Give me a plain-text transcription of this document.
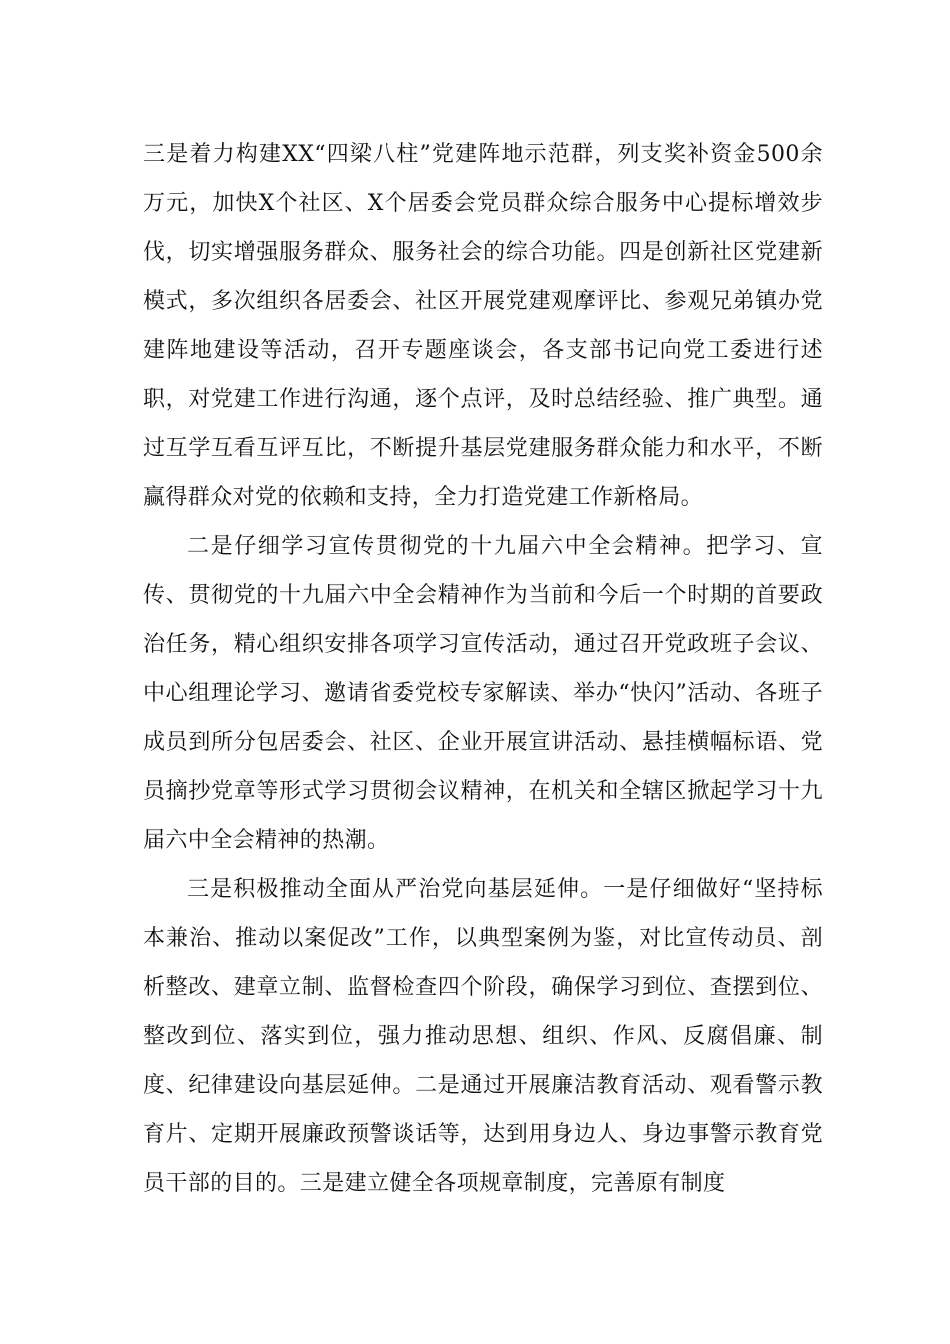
三是着力构建XX“四梁八柱”党建阵地示范群，列支奖补资金500余万元，加快X个社区、X个居委会党员群众综合服务中心提标增效步伐，切实增强服务群众、服务社会的综合功能。四是创新社区党建新模式，多次组织各居委会、社区开展党建观摩评比、参观兄弟镇办党建阵地建设等活动，召开专题座谈会，各支部书记向党工委进行述职，对党建工作进行沟通，逐个点评，及时总结经验、推广典型。通过互学互看互评互比，不断提升基层党建服务群众能力和水平，不断赢得群众对党的依赖和支持，全力打造党建工作新格局。

二是仔细学习宣传贯彻党的十九届六中全会精神。把学习、宣传、贯彻党的十九届六中全会精神作为当前和今后一个时期的首要政治任务，精心组织安排各项学习宣传活动，通过召开党政班子会议、中心组理论学习、邀请省委党校专家解读、举办“快闪”活动、各班子成员到所分包居委会、社区、企业开展宣讲活动、悬挂横幅标语、党员摘抄党章等形式学习贯彻会议精神，在机关和全辖区掀起学习十九届六中全会精神的热潮。

三是积极推动全面从严治党向基层延伸。一是仔细做好“坚持标本兼治、推动以案促改”工作，以典型案例为鉴，对比宣传动员、剖析整改、建章立制、监督检查四个阶段，确保学习到位、查摆到位、整改到位、落实到位，强力推动思想、组织、作风、反腐倡廉、制度、纪律建设向基层延伸。二是通过开展廉洁教育活动、观看警示教育片、定期开展廉政预警谈话等，达到用身边人、身边事警示教育党员干部的目的。三是建立健全各项规章制度，完善原有制度
